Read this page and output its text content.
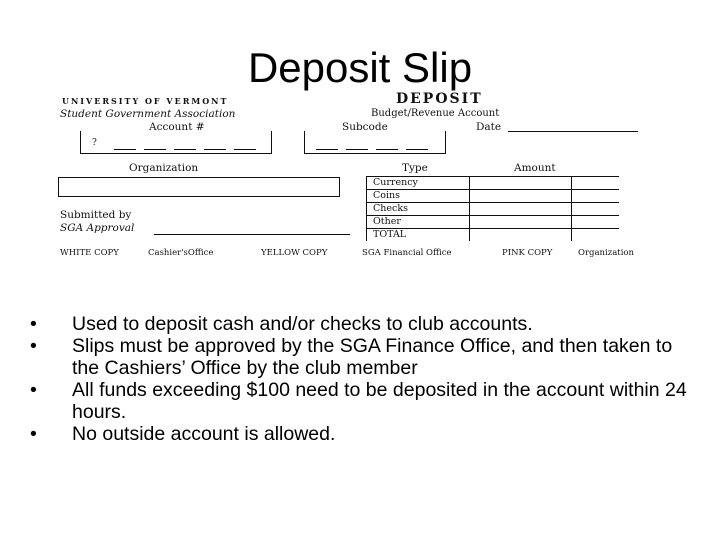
Deposit Slip
UNIVERSITY OF VERMONT
Student Government Association
DEPOSIT
Budget/Revenue Account
Account #	Subcode	Date
?
Organization	Type	Amount
Currency
Coins
Checks
Other
TOTAL
Submitted by
SGA Approval
WHITE COPY	Cashier'sOffice	YELLOW COPY	SGA Financial Office	PINK COPY	Organization
• Used to deposit cash and/or checks to club accounts.
• Slips must be approved by the SGA Finance Office, and then taken to the Cashiers’ Office by the club member
• All funds exceeding $100 need to be deposited in the account within 24 hours.
• No outside account is allowed.
